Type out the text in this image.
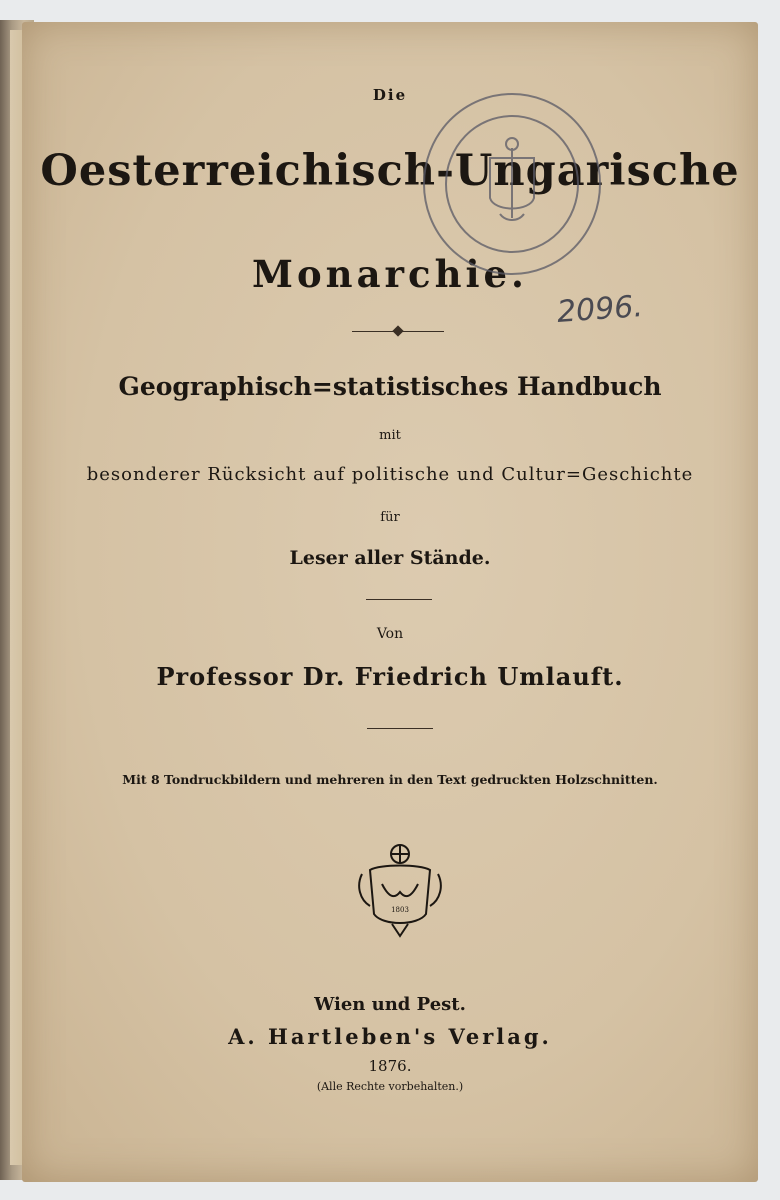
Die
Oesterreichisch-Ungarische
Monarchie.
Geographisch=statistisches Handbuch
mit
besonderer Rücksicht auf politische und Cultur=Geschichte
für
Leser aller Stände.
Von
Professor Dr. Friedrich Umlauft.
Mit 8 Tondruckbildern und mehreren in den Text gedruckten Holzschnitten.
1803
Wien und Pest.
A. Hartleben's Verlag.
1876.
(Alle Rechte vorbehalten.)
2096.
